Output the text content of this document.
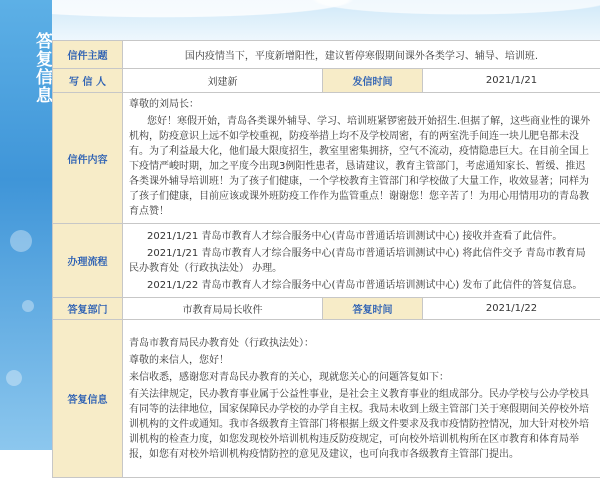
答复信息 信件主题	国内疫情当下，平度新增阳性，建议暂停寒假期间课外各类学习、辅导、培训班.		
写 信 人	刘建新	发信时间	2021/1/21
信件内容	尊敬的刘局长：
您好！寒假开始，青岛各类课外辅导、学习、培训班紧锣密鼓开始招生.但据了解，这些商业性的课外机构，防疫意识上远不如学校重视，防疫举措上均不及学校周密，有的两室洗手间连一块儿肥皂都未没有。为了利益最大化，他们最大限度招生，教室里密集拥挤，空气不流动，疫情隐患巨大。在目前全国上下疫情严峻时期，加之平度今出现3例阳性患者，恳请建议，教育主管部门，考虑通知家长、暂缓、推迟各类课外辅导培训班！为了孩子们健康，一个学校教育主管部门和学校做了大量工作，收效显著；同样为了孩子们健康，目前应该或课外班防疫工作作为监管重点！谢谢您！您辛苦了！为用心用情用功的青岛教育点赞！		

办理流程	2021/1/21 青岛市教育人才综合服务中心(青岛市普通话培训测试中心) 接收并查看了此信件。
2021/1/21 青岛市教育人才综合服务中心(青岛市普通话培训测试中心) 将此信件交予 青岛市教育局民办教育处（行政执法处） 办理。
2021/1/22 青岛市教育人才综合服务中心(青岛市普通话培训测试中心) 发布了此信件的答复信息。		

答复部门	市教育局局长收件	答复时间	2021/1/22
答复信息	青岛市教育局民办教育处（行政执法处）：
尊敬的来信人，您好！
来信收悉，感谢您对青岛民办教育的关心，现就您关心的问题答复如下：
有关法律规定，民办教育事业属于公益性事业，是社会主义教育事业的组成部分。民办学校与公办学校具有同等的法律地位，国家保障民办学校的办学自主权。我局未收到上级主管部门关于寒假期间关停校外培训机构的文件或通知。我市各级教育主管部门将根据上级文件要求及我市疫情防控情况，加大针对校外培训机构的检查力度，如您发现校外培训机构违反防疫规定，可向校外培训机构所在区市教育和体育局举报，如您有对校外培训机构疫情防控的意见及建议，也可向我市各级教育主管部门提出。		
